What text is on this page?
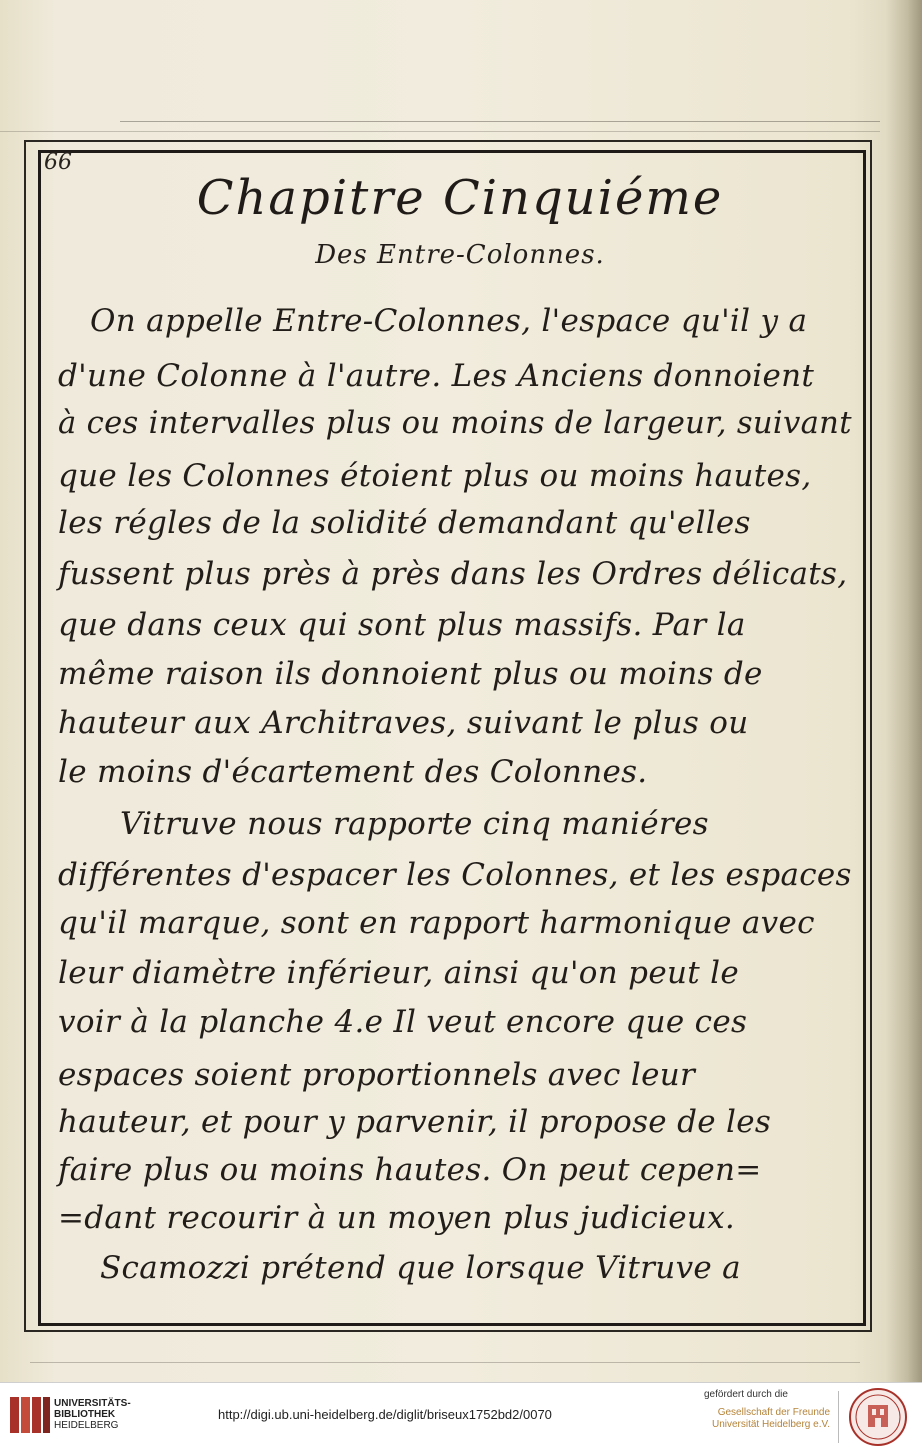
66
Chapitre Cinquiéme
Des Entre-Colonnes.
On appelle Entre-Colonnes, l'espace qu'il y a
d'une Colonne à l'autre. Les Anciens donnoient
à ces intervalles plus ou moins de largeur, suivant
que les Colonnes étoient plus ou moins hautes,
les régles de la solidité demandant qu'elles
fussent plus près à près dans les Ordres délicats,
que dans ceux qui sont plus massifs. Par la
même raison ils donnoient plus ou moins de
hauteur aux Architraves, suivant le plus ou
le moins d'écartement des Colonnes.
Vitruve nous rapporte cinq maniéres
différentes d'espacer les Colonnes, et les espaces
qu'il marque, sont en rapport harmonique avec
leur diamètre inférieur, ainsi qu'on peut le
voir à la planche 4.e Il veut encore que ces
espaces soient proportionnels avec leur
hauteur, et pour y parvenir, il propose de les
faire plus ou moins hautes. On peut cepen=
=dant recourir à un moyen plus judicieux.
Scamozzi prétend que lorsque Vitruve a
UNIVERSITÄTS-
BIBLIOTHEK
HEIDELBERG
http://digi.ub.uni-heidelberg.de/diglit/briseux1752bd2/0070
gefördert durch die
Gesellschaft der Freunde
Universität Heidelberg e.V.
